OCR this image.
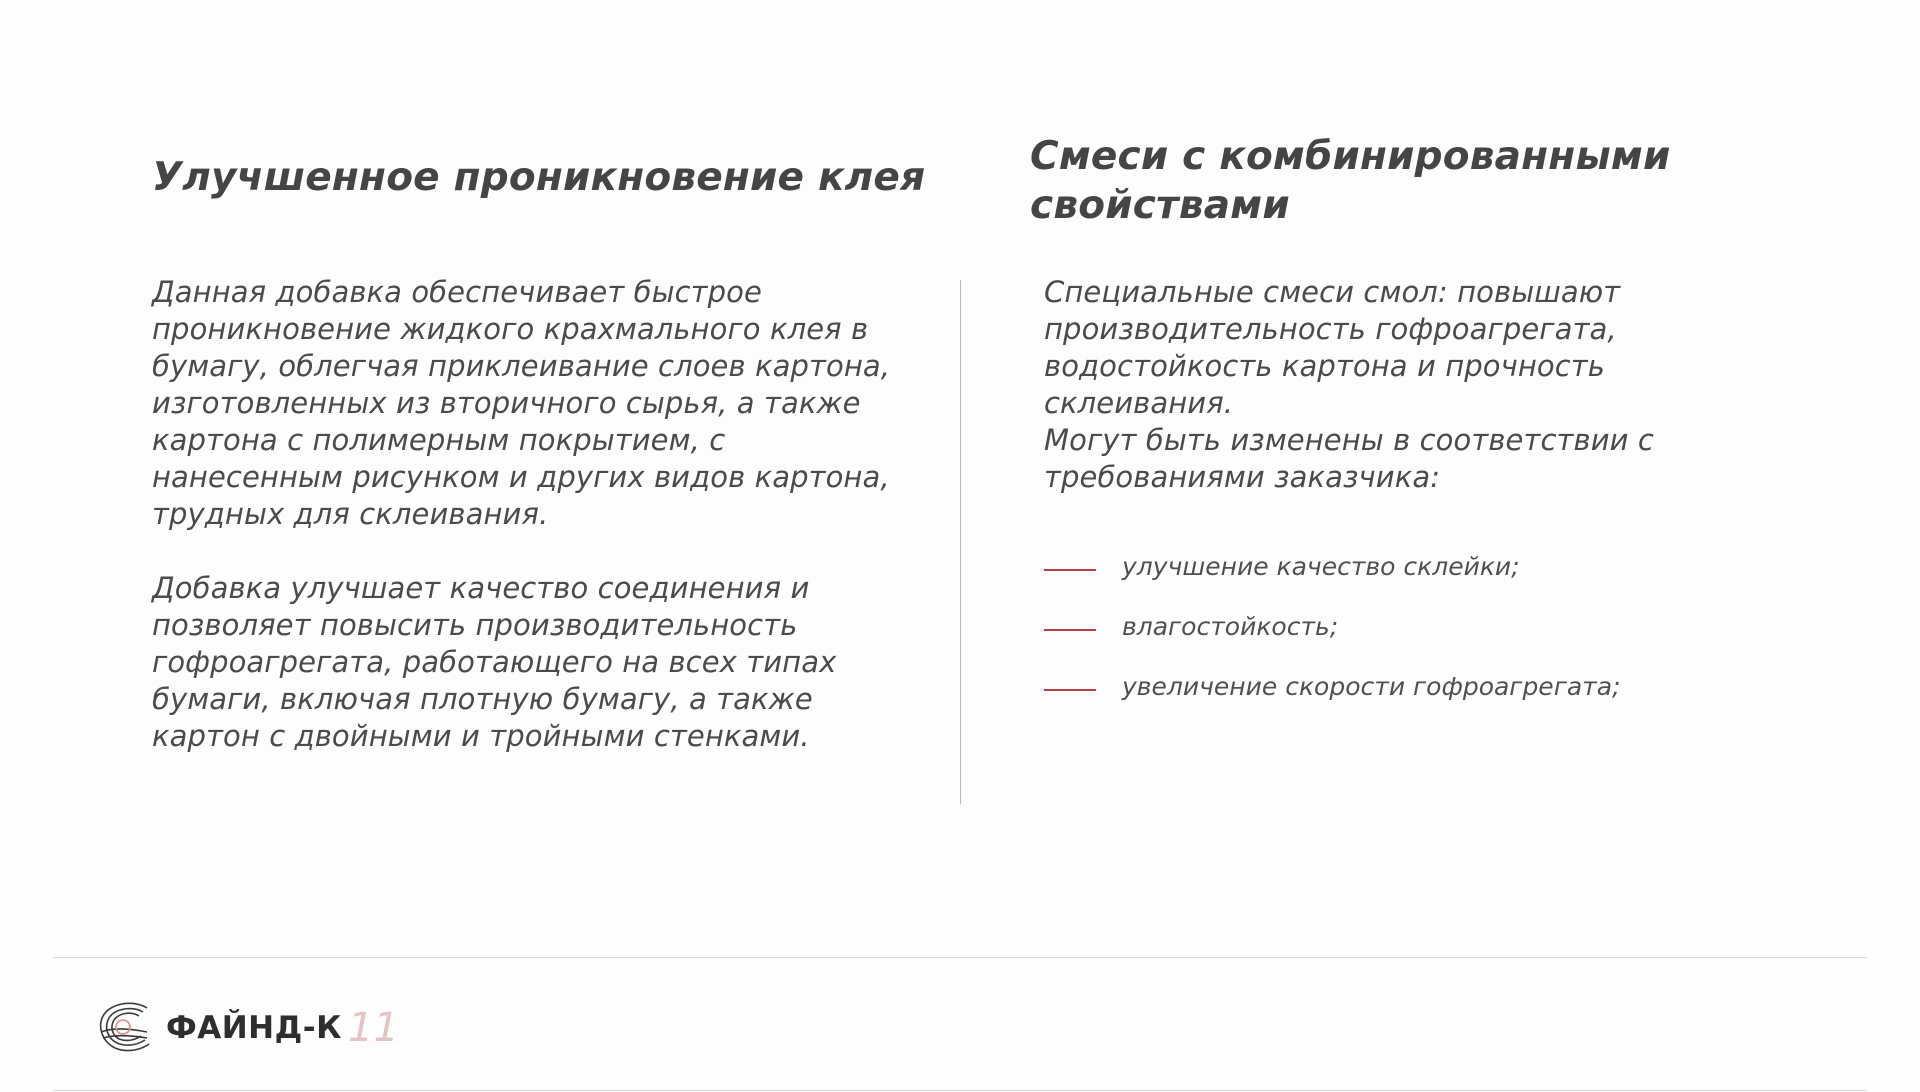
Улучшенное проникновение клея

Данная добавка обеспечивает быстрое проникновение жидкого крахмального клея в бумагу, облегчая приклеивание слоев картона, изготовленных из вторичного сырья, а также картона с полимерным покрытием, с нанесенным рисунком и других видов картона, трудных для склеивания.

Добавка улучшает качество соединения и позволяет повысить производительность гофроагрегата, работающего на всех типах бумаги, включая плотную бумагу, а также картон с двойными и тройными стенками.

Смеси с комбинированными свойствами

Специальные смеси смол: повышают производительность гофроагрегата, водостойкость картона и прочность склеивания.
Могут быть изменены в соответствии с требованиями заказчика:

улучшение качество склейки;
влагостойкость;
увеличение скорости гофроагрегата;
ФАЙНД-К 11
